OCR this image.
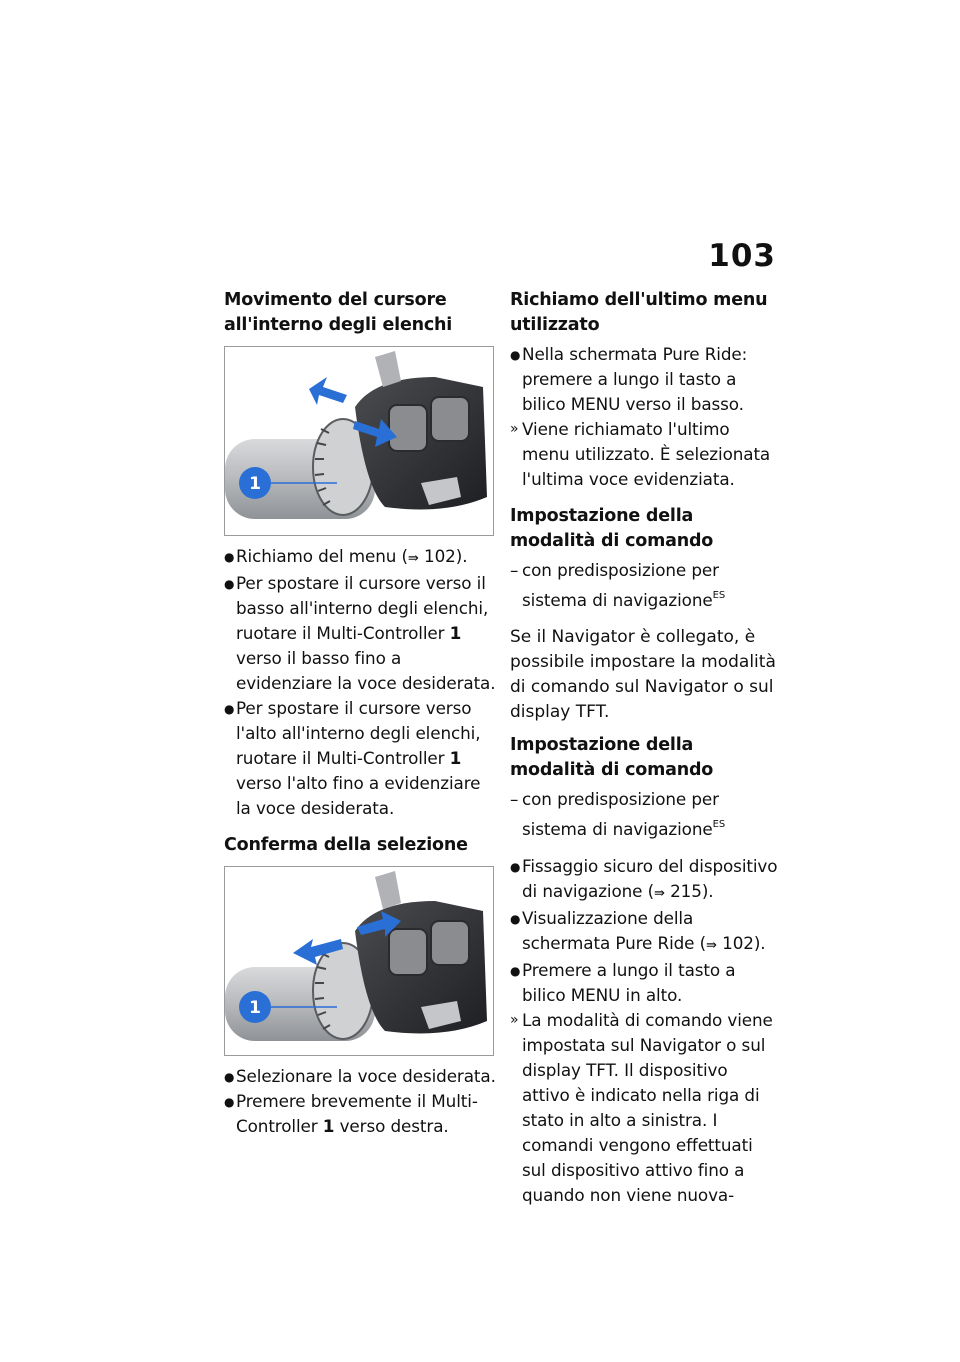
103
Movimento del cursore all'interno degli elenchi
1
● Richiamo del menu (⇛ 102).
● Per spostare il cursore verso il basso all'interno degli elenchi, ruotare il Multi-Controller 1 verso il basso fino a evidenziare la voce desiderata.
● Per spostare il cursore verso l'alto all'interno degli elenchi, ruotare il Multi-Controller 1 verso l'alto fino a evidenziare la voce desiderata.
Conferma della selezione
1
● Selezionare la voce desiderata.
● Premere brevemente il Multi-Controller 1 verso destra.
Richiamo dell'ultimo menu utilizzato
● Nella schermata Pure Ride: premere a lungo il tasto a bilico MENU verso il basso.
» Viene richiamato l'ultimo menu utilizzato. È selezionata l'ultima voce evidenziata.
Impostazione della modalità di comando
– con predisposizione per sistema di navigazione$^{ES}$

Se il Navigator è collegato, è possibile impostare la modalità di comando sul Navigator o sul display TFT.

Impostazione della modalità di comando
– con predisposizione per sistema di navigazione$^{ES}$
● Fissaggio sicuro del dispositivo di navigazione (⇛ 215).
● Visualizzazione della schermata Pure Ride (⇛ 102).
● Premere a lungo il tasto a bilico MENU in alto.
» La modalità di comando viene impostata sul Navigator o sul display TFT. Il dispositivo attivo è indicato nella riga di stato in alto a sinistra. I comandi vengono effettuati sul dispositivo attivo fino a quando non viene nuova-
